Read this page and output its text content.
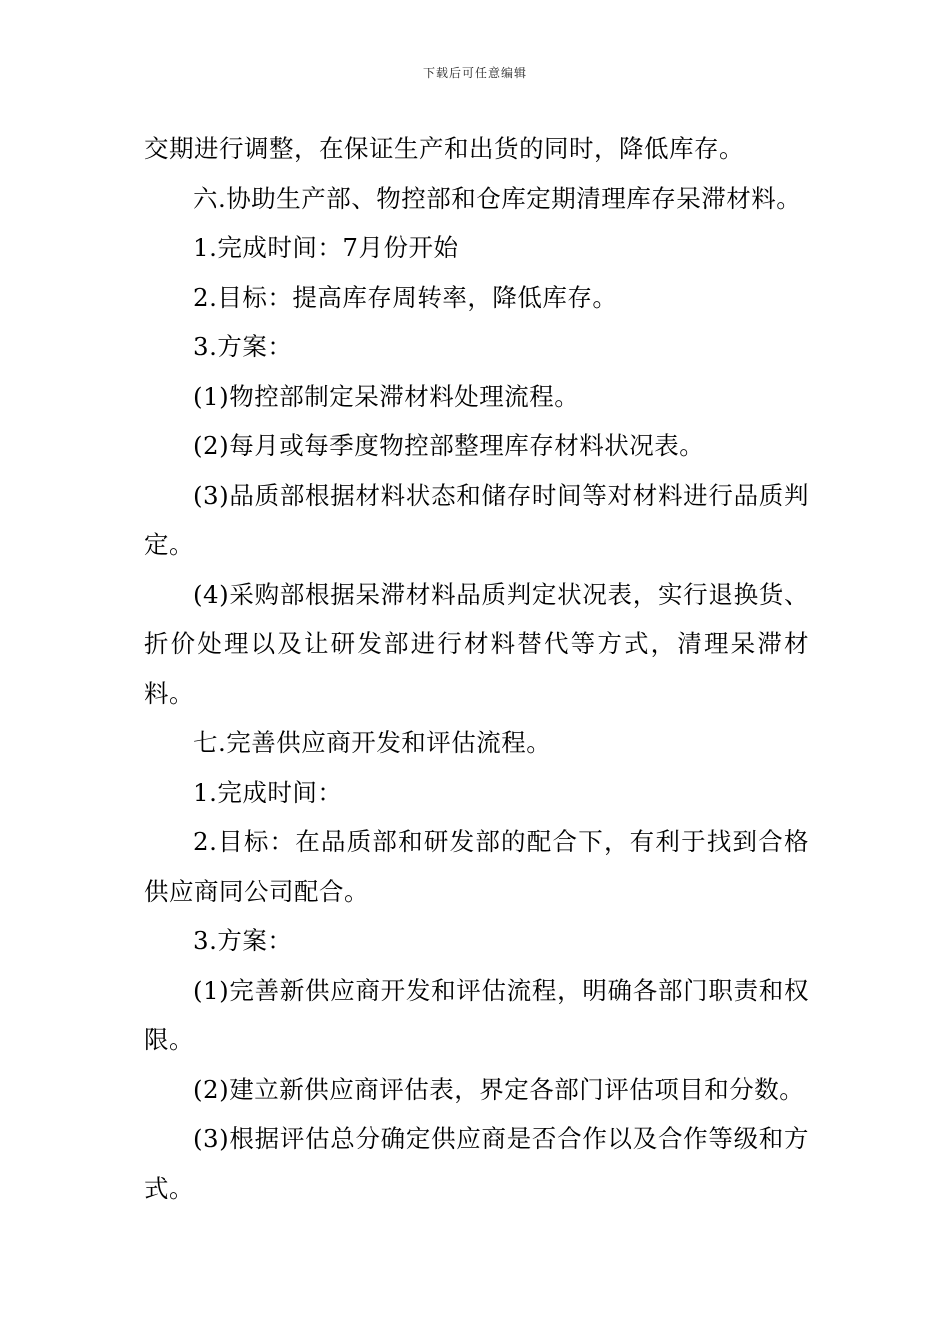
下载后可任意编辑

交期进行调整，在保证生产和出货的同时，降低库存。

六.协助生产部、物控部和仓库定期清理库存呆滞材料。

1.完成时间：7月份开始

2.目标：提高库存周转率，降低库存。

3.方案：

(1)物控部制定呆滞材料处理流程。

(2)每月或每季度物控部整理库存材料状况表。

(3)品质部根据材料状态和储存时间等对材料进行品质判定。

(4)采购部根据呆滞材料品质判定状况表，实行退换货、折价处理以及让研发部进行材料替代等方式，清理呆滞材料。

七.完善供应商开发和评估流程。

1.完成时间：

2.目标：在品质部和研发部的配合下，有利于找到合格供应商同公司配合。

3.方案：

(1)完善新供应商开发和评估流程，明确各部门职责和权限。

(2)建立新供应商评估表，界定各部门评估项目和分数。

(3)根据评估总分确定供应商是否合作以及合作等级和方式。
